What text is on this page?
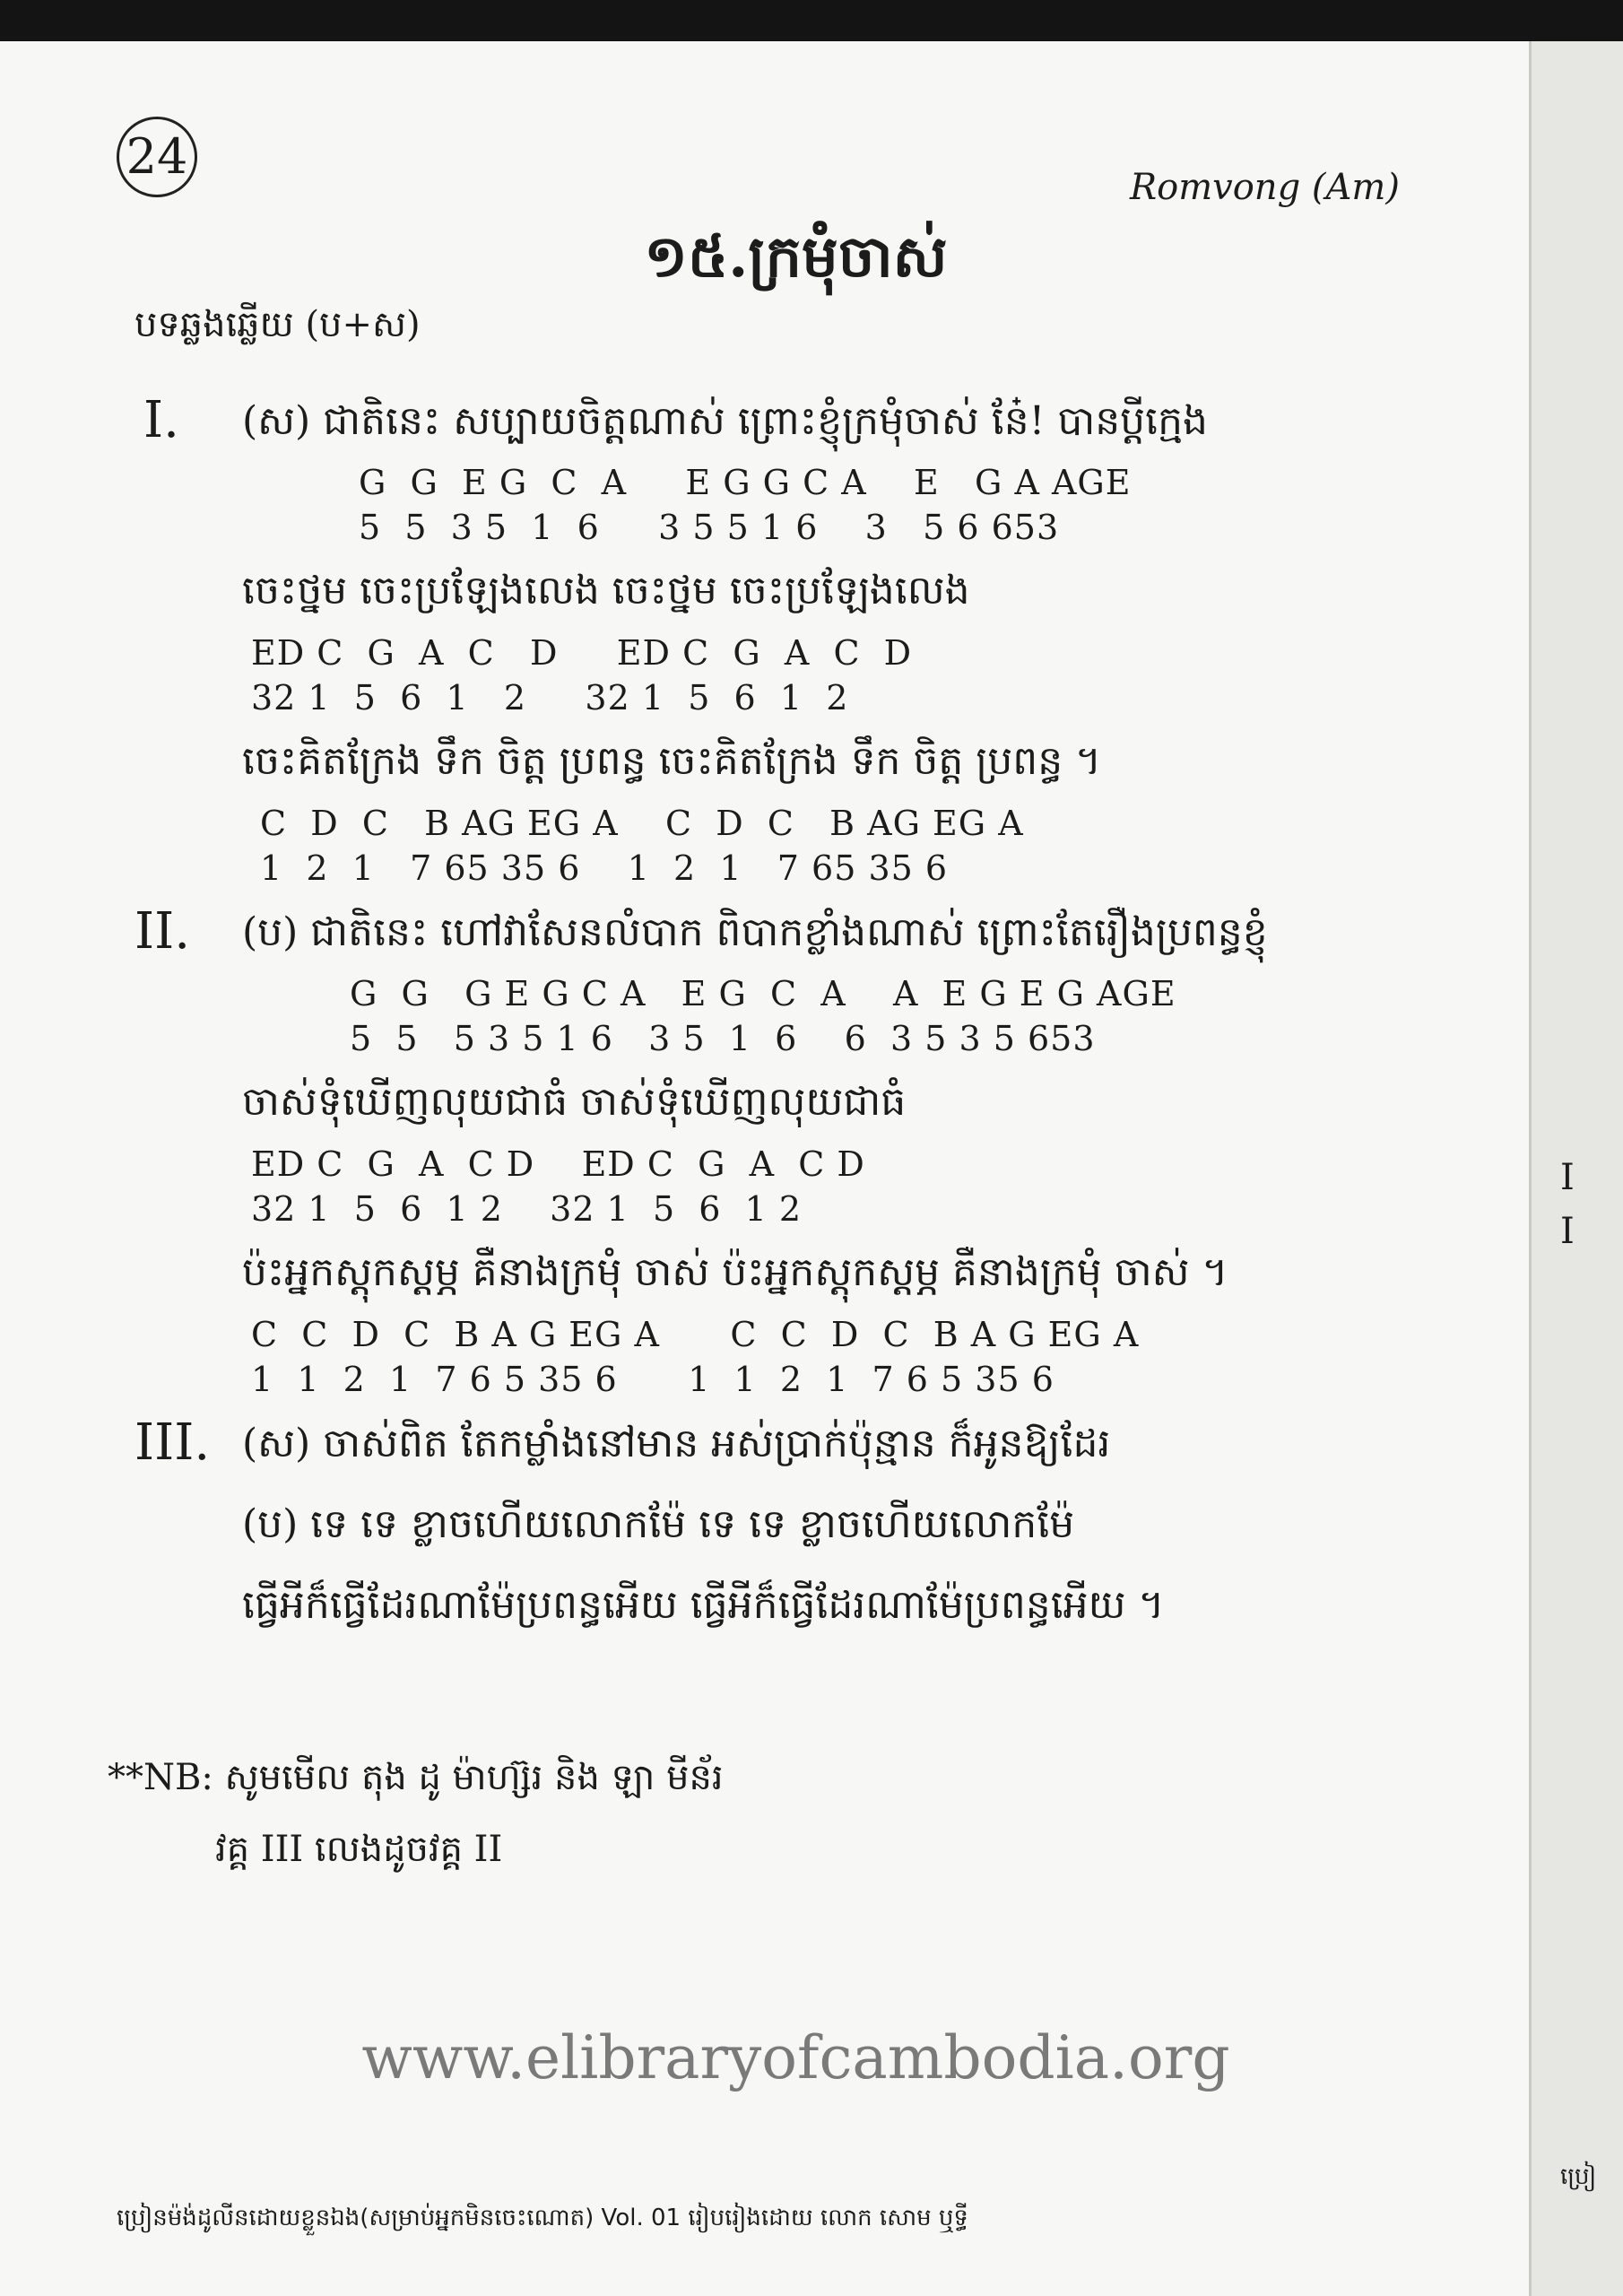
24
Romvong (Am)
១៥.ក្រមុំចាស់
បទឆ្លងឆ្លើយ (ប+ស)
I. (ស) ជាតិនេះ សប្បាយចិត្តណាស់ ព្រោះខ្ញុំក្រមុំចាស់ នែ៎! បានប្តីក្មេង
G  G  E G  C  A     E G G C A    E   G A AGE
5  5  3 5  1  6     3 5 5 1 6    3   5 6 653
ចេះថ្នម ចេះប្រឡែងលេង ចេះថ្នម ចេះប្រឡែងលេង
ED C  G  A  C   D     ED C  G  A  C  D
32 1  5  6  1   2     32 1  5  6  1  2
ចេះគិតក្រែង ទឹក ចិត្ត ប្រពន្ធ ចេះគិតក្រែង ទឹក ចិត្ត ប្រពន្ធ ។
C  D  C   B AG EG A    C  D  C   B AG EG A
1  2  1   7 65 35 6    1  2  1   7 65 35 6
II. (ប) ជាតិនេះ ហៅវាសែនលំបាក ពិបាកខ្លាំងណាស់ ព្រោះតែរឿងប្រពន្ធខ្ញុំ
G  G   G E G C A   E G  C  A    A  E G E G AGE
5  5   5 3 5 1 6   3 5  1  6    6  3 5 3 5 653
ចាស់ទុំឃើញលុយជាធំ ចាស់ទុំឃើញលុយជាធំ
ED C  G  A  C D    ED C  G  A  C D
32 1  5  6  1 2    32 1  5  6  1 2
ប៉ះអ្នកស្តុកស្តម្ភ គឺនាងក្រមុំ ចាស់ ប៉ះអ្នកស្តុកស្តម្ភ គឺនាងក្រមុំ ចាស់ ។
C  C  D  C  B A G EG A      C  C  D  C  B A G EG A
1  1  2  1  7 6 5 35 6      1  1  2  1  7 6 5 35 6
III. (ស) ចាស់ពិត តែកម្លាំងនៅមាន អស់ប្រាក់ប៉ុន្មាន ក៏អូនឱ្យដែរ
(ប) ទេ ទេ ខ្លាចហើយលោកម៉ែ ទេ ទេ ខ្លាចហើយលោកម៉ែ
ធ្វើអីក៏ធ្វើដែរណាម៉ែប្រពន្ធអើយ ធ្វើអីក៏ធ្វើដែរណាម៉ែប្រពន្ធអើយ ។
**NB: សូមមើល តុង ដូ ម៉ាហ្ស៊រ និង ឡា មីន័រ
វគ្គ III លេងដូចវគ្គ II
www.elibraryofcambodia.org
ប្រៀនម៉ង់ដូលីនដោយខ្លួនឯង(សម្រាប់អ្នកមិនចេះណោត) Vol. 01 រៀបរៀងដោយ លោក សោម ឬទ្ធី
I
I
ប្រៀ
